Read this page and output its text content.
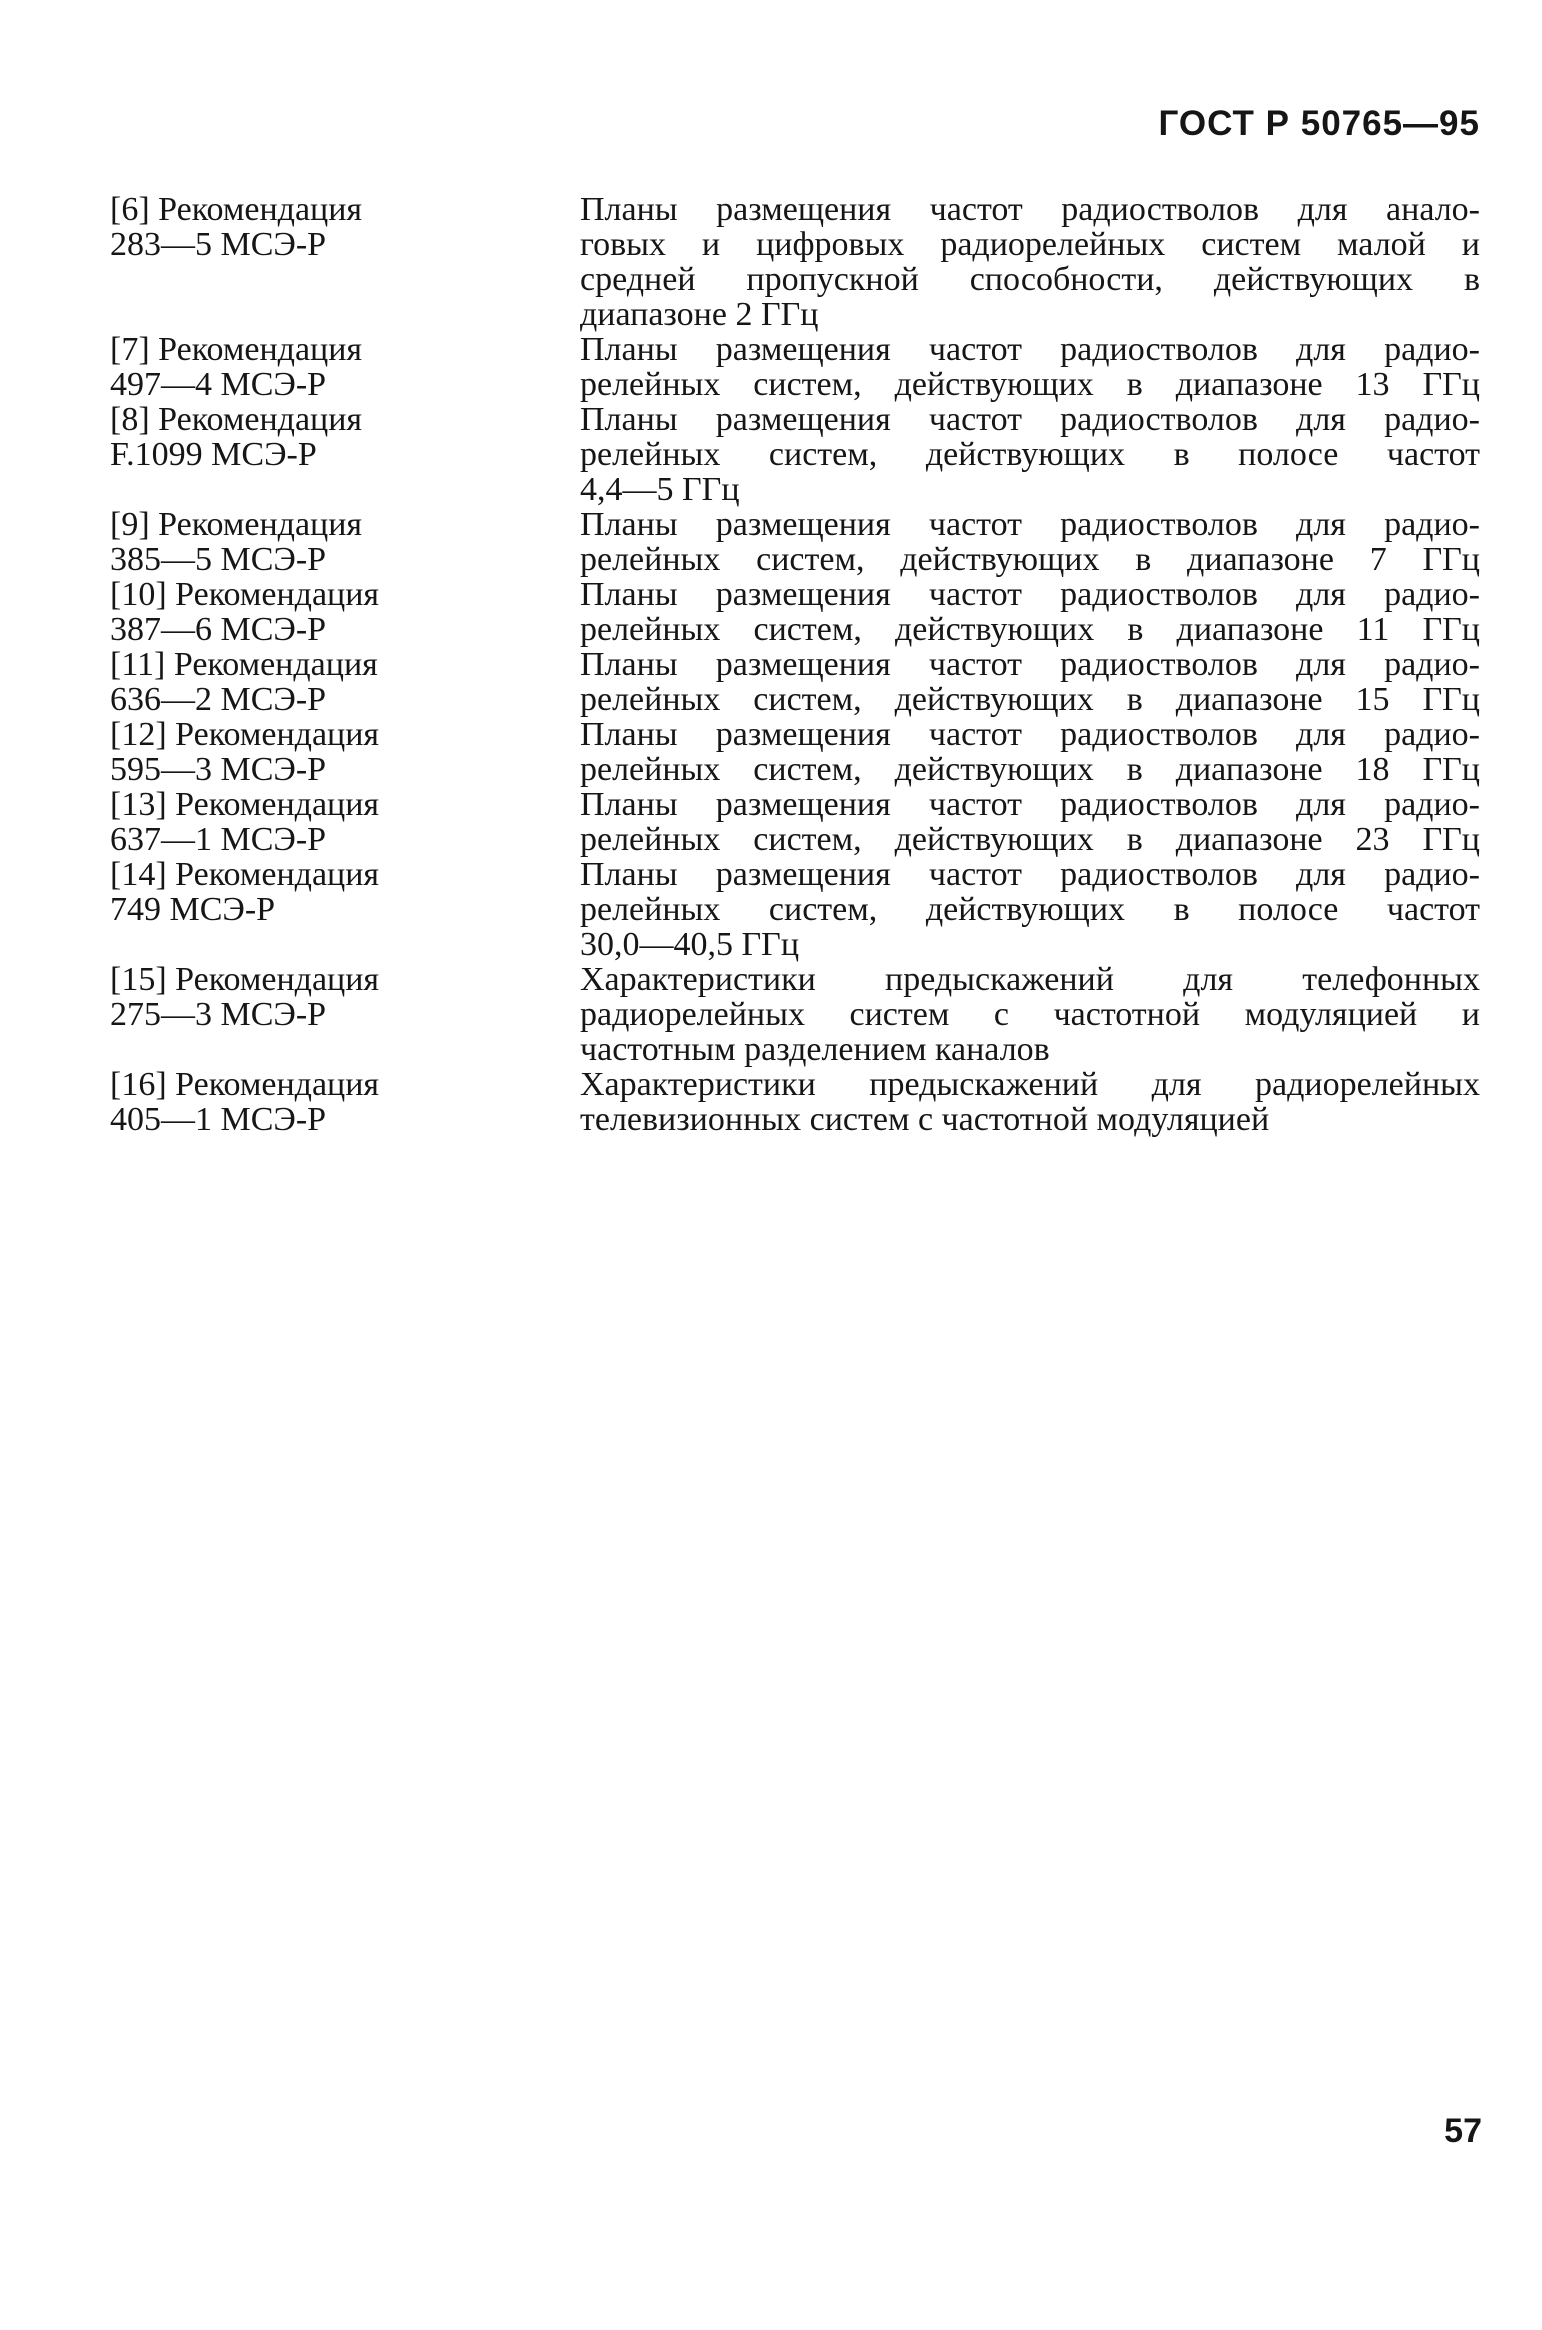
ГОСТ Р 50765—95

[6] Рекомендация
283—5 МСЭ-Р
Планы размещения частот радиостволов для анало-
говых и цифровых радиорелейных систем малой и
средней пропускной способности, действующих в
диапазоне 2 ГГц
[7] Рекомендация
497—4 МСЭ-Р
Планы размещения частот радиостволов для радио-
релейных систем, действующих в диапазоне 13 ГГц
[8] Рекомендация
F.1099 МСЭ-Р
Планы размещения частот радиостволов для радио-
релейных систем, действующих в полосе частот
4,4—5 ГГц
[9] Рекомендация
385—5 МСЭ-Р
Планы размещения частот радиостволов для радио-
релейных систем, действующих в диапазоне 7 ГГц
[10] Рекомендация
387—6 МСЭ-Р
Планы размещения частот радиостволов для радио-
релейных систем, действующих в диапазоне 11 ГГц
[11] Рекомендация
636—2 МСЭ-Р
Планы размещения частот радиостволов для радио-
релейных систем, действующих в диапазоне 15 ГГц
[12] Рекомендация
595—3 МСЭ-Р
Планы размещения частот радиостволов для радио-
релейных систем, действующих в диапазоне 18 ГГц
[13] Рекомендация
637—1 МСЭ-Р
Планы размещения частот радиостволов для радио-
релейных систем, действующих в диапазоне 23 ГГц
[14] Рекомендация
749 МСЭ-Р
Планы размещения частот радиостволов для радио-
релейных систем, действующих в полосе частот
30,0—40,5 ГГц
[15] Рекомендация
275—3 МСЭ-Р
Характеристики предыскажений для телефонных
радиорелейных систем с частотной модуляцией и
частотным разделением каналов
[16] Рекомендация
405—1 МСЭ-Р
Характеристики предыскажений для радиорелейных
телевизионных систем с частотной модуляцией

57
